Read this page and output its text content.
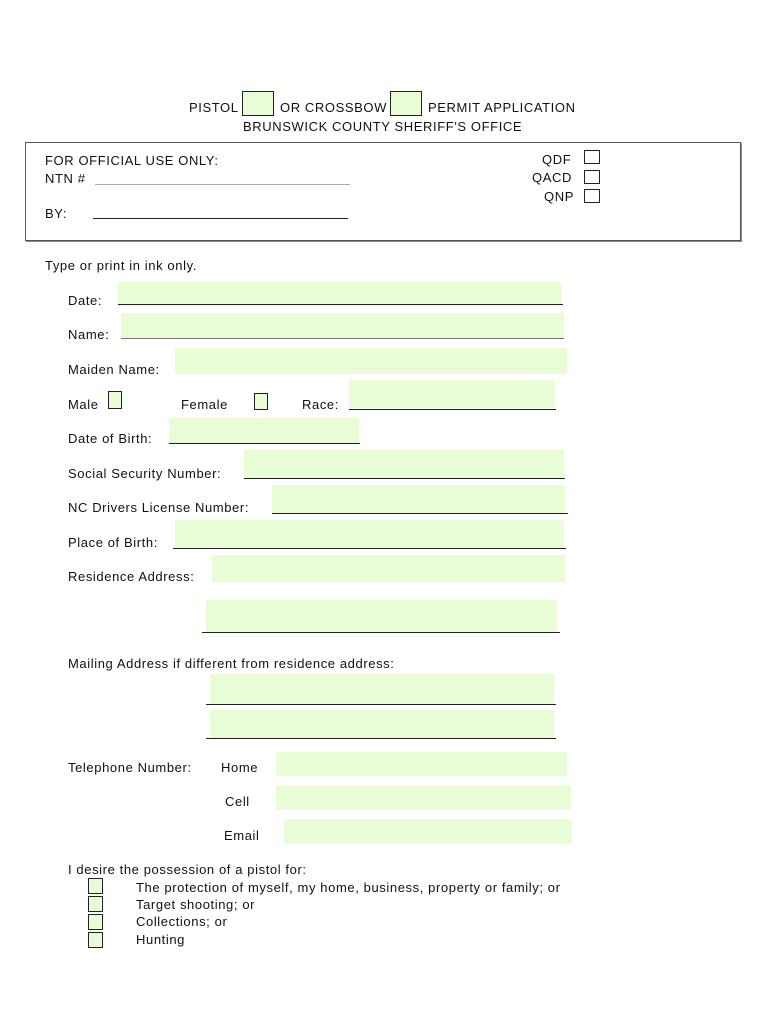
PISTOL	OR CROSSBOW	PERMIT APPLICATION
BRUNSWICK COUNTY SHERIFF'S OFFICE
FOR OFFICIAL USE ONLY:
NTN #
BY:
QDF
QACD
QNP
Type or print in ink only.
Date:
Name:
Maiden Name:
Male	Female	Race:
Date of Birth:
Social Security Number:
NC Drivers License Number:
Place of Birth:
Residence Address:
Mailing Address if different from residence address:
Telephone Number: Home
Cell
Email
I desire the possession of a pistol for:
The protection of myself, my home, business, property or family; or
Target shooting; or
Collections; or
Hunting
